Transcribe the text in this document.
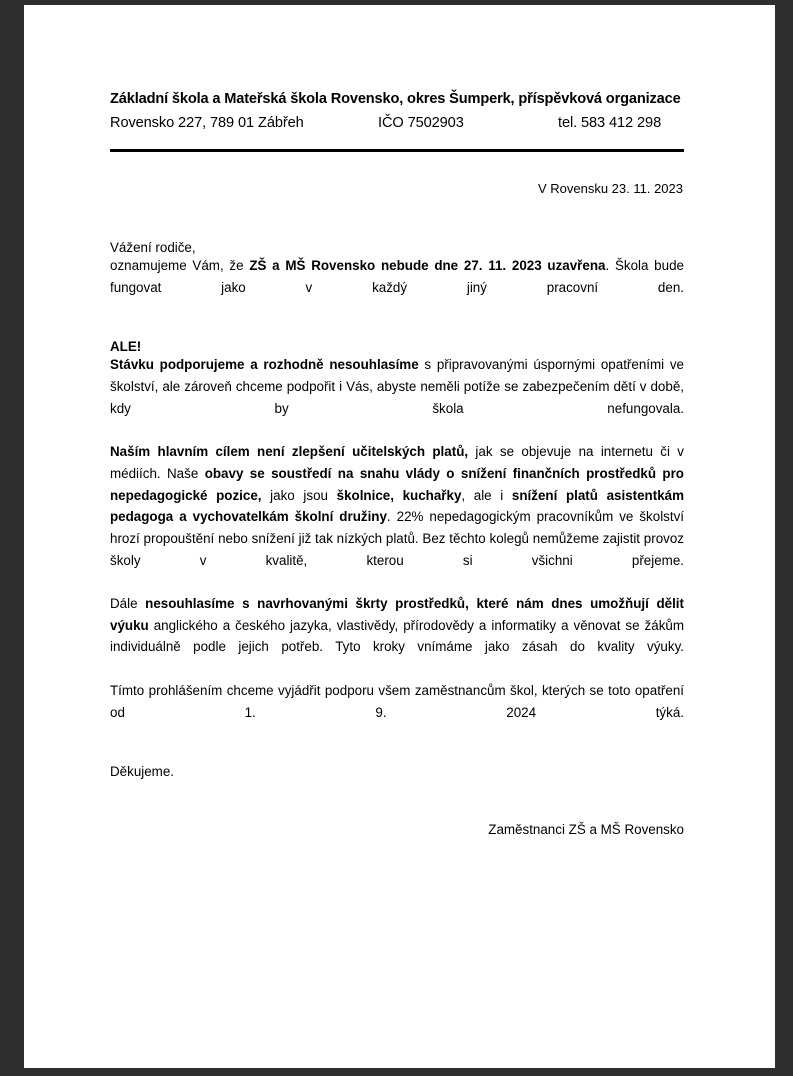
Základní škola a Mateřská škola Rovensko, okres Šumperk, příspěvková organizace
Rovensko 227, 789 01 Zábřeh	IČO 7502903	tel. 583 412 298
V Rovensku 23. 11. 2023
Vážení rodiče,

oznamujeme Vám, že ZŠ a MŠ Rovensko nebude dne 27. 11. 2023 uzavřena. Škola bude fungovat jako v každý jiný pracovní den.

ALE!

Stávku podporujeme a rozhodně nesouhlasíme s připravovanými úspornými opatřeními ve školství, ale zároveň chceme podpořit i Vás, abyste neměli potíže se zabezpečením dětí v době, kdy by škola nefungovala.

Naším hlavním cílem není zlepšení učitelských platů, jak se objevuje na internetu či v médiích. Naše obavy se soustředí na snahu vlády o snížení finančních prostředků pro nepedagogické pozice, jako jsou školnice, kuchařky, ale i snížení platů asistentkám pedagoga a vychovatelkám školní družiny. 22% nepedagogickým pracovníkům ve školství hrozí propouštění nebo snížení již tak nízkých platů. Bez těchto kolegů nemůžeme zajistit provoz školy v kvalitě, kterou si všichni přejeme.

Dále nesouhlasíme s navrhovanými škrty prostředků, které nám dnes umožňují dělit výuku anglického a českého jazyka, vlastivědy, přírodovědy a informatiky a věnovat se žákům individuálně podle jejich potřeb. Tyto kroky vnímáme jako zásah do kvality výuky.

Tímto prohlášením chceme vyjádřit podporu všem zaměstnancům škol, kterých se toto opatření od 1. 9. 2024 týká.

Děkujeme.
Zaměstnanci ZŠ a MŠ Rovensko
